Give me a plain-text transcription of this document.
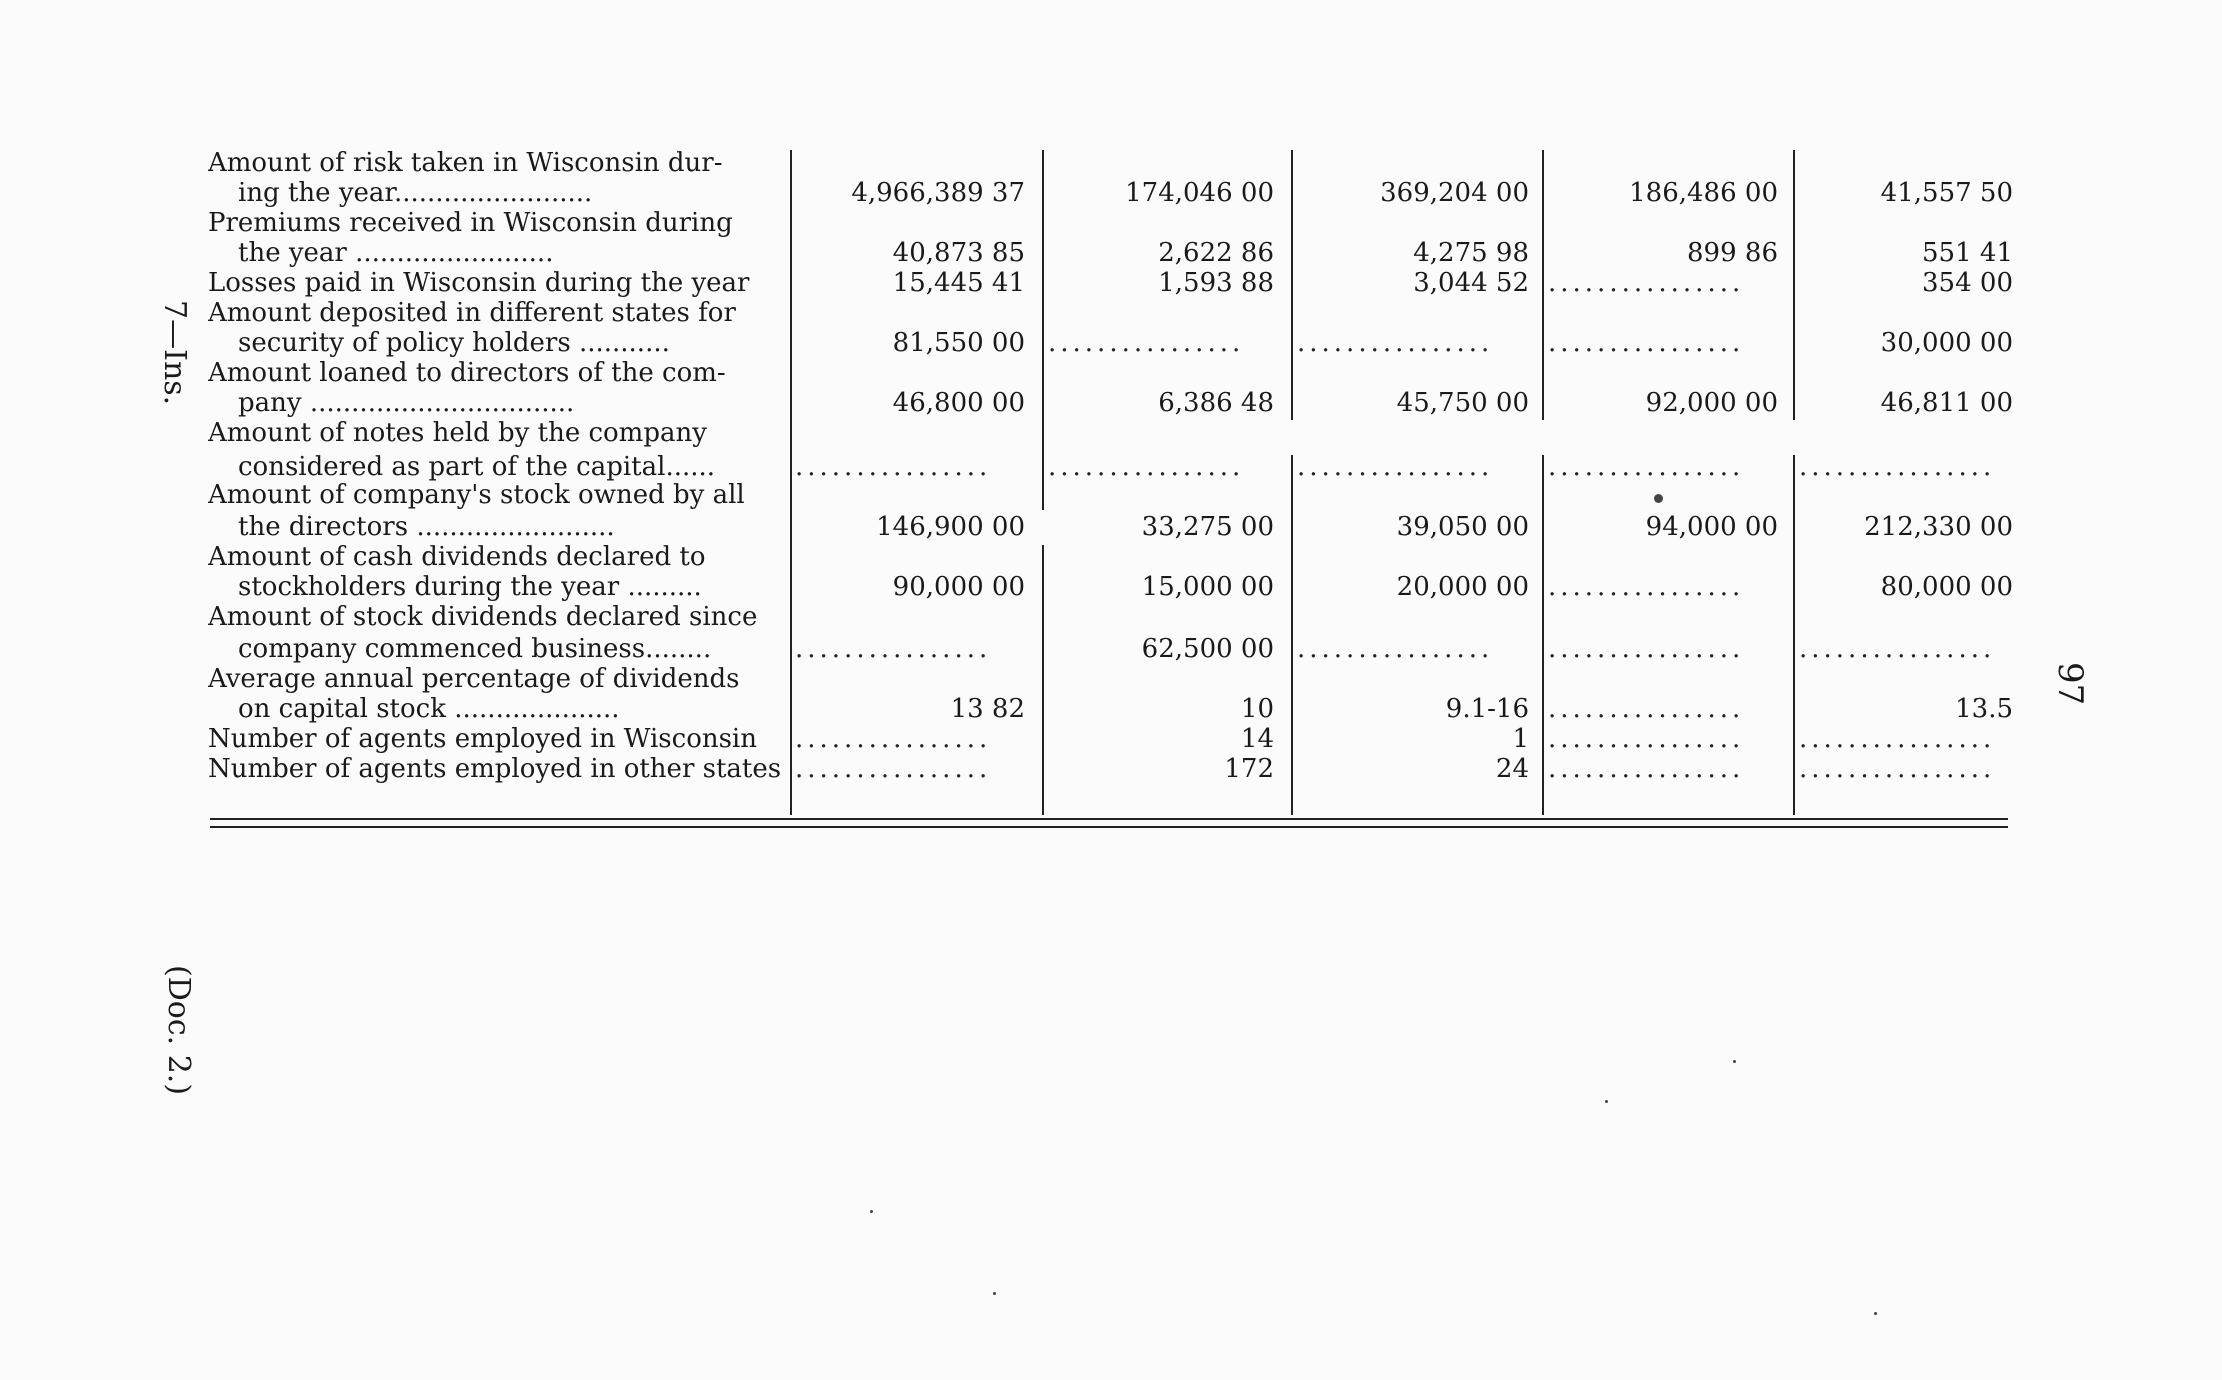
Amount of risk taken in Wisconsin dur-
ing the year........................	4,966,389 37	174,046 00	369,204 00	186,486 00	41,557 50
Premiums received in Wisconsin during
the year ........................	40,873 85	2,622 86	4,275 98	899 86	551 41
Losses paid in Wisconsin during the year	15,445 41	1,593 88	3,044 52 ................	354 00
Amount deposited in different states for
security of policy holders ...........	81,550 00 ................	................	................	30,000 00
Amount loaned to directors of the com-
pany ................................	46,800 00	6,386 48	45,750 00	92,000 00	46,811 00
Amount of notes held by the company
considered as part of the capital......	................	................	................	................	................
Amount of company's stock owned by all
the directors ........................	146,900 00	33,275 00	39,050 00	94,000 00	212,330 00
Amount of cash dividends declared to
stockholders during the year .........	90,000 00	15,000 00	20,000 00 ................	80,000 00
Amount of stock dividends declared since
company commenced business........	................	62,500 00 ................	................	................
Average annual percentage of dividends
on capital stock ....................	13 82	10	9.1-16 ................	13.5
Number of agents employed in Wisconsin	................	14	1 ................	................
Number of agents employed in other states ................	172	24 ................	................
7—Ins.
(Doc. 2.)
97
